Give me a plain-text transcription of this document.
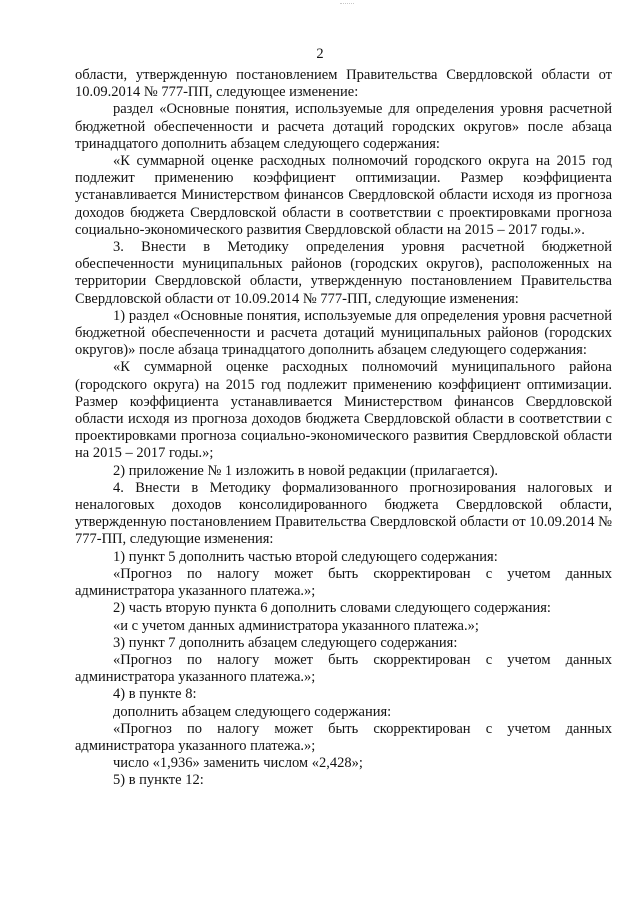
2

области, утвержденную постановлением Правительства Свердловской области от 10.09.2014 № 777-ПП, следующее изменение:

раздел «Основные понятия, используемые для определения уровня расчетной бюджетной обеспеченности и расчета дотаций городских округов» после абзаца тринадцатого дополнить абзацем следующего содержания:

«К суммарной оценке расходных полномочий городского округа на 2015 год подлежит применению коэффициент оптимизации. Размер коэффициента устанавливается Министерством финансов Свердловской области исходя из прогноза доходов бюджета Свердловской области в соответствии с проектировками прогноза социально-экономического развития Свердловской области на 2015 – 2017 годы.».

3. Внести в Методику определения уровня расчетной бюджетной обеспеченности муниципальных районов (городских округов), расположенных на территории Свердловской области, утвержденную постановлением Правительства Свердловской области от 10.09.2014 № 777-ПП, следующие изменения:

1) раздел «Основные понятия, используемые для определения уровня расчетной бюджетной обеспеченности и расчета дотаций муниципальных районов (городских округов)» после абзаца тринадцатого дополнить абзацем следующего содержания:

«К суммарной оценке расходных полномочий муниципального района (городского округа) на 2015 год подлежит применению коэффициент оптимизации. Размер коэффициента устанавливается Министерством финансов Свердловской области исходя из прогноза доходов бюджета Свердловской области в соответствии с проектировками прогноза социально-экономического развития Свердловской области на 2015 – 2017 годы.»;

2) приложение № 1 изложить в новой редакции (прилагается).

4. Внести в Методику формализованного прогнозирования налоговых и неналоговых доходов консолидированного бюджета Свердловской области, утвержденную постановлением Правительства Свердловской области от 10.09.2014 № 777-ПП, следующие изменения:

1) пункт 5 дополнить частью второй следующего содержания:

«Прогноз по налогу может быть скорректирован с учетом данных администратора указанного платежа.»;

2) часть вторую пункта 6 дополнить словами следующего содержания:

«и с учетом данных администратора указанного платежа.»;

3) пункт 7 дополнить абзацем следующего содержания:

«Прогноз по налогу может быть скорректирован с учетом данных администратора указанного платежа.»;

4) в пункте 8:

дополнить абзацем следующего содержания:

«Прогноз по налогу может быть скорректирован с учетом данных администратора указанного платежа.»;

число «1,936» заменить числом «2,428»;

5) в пункте 12:
